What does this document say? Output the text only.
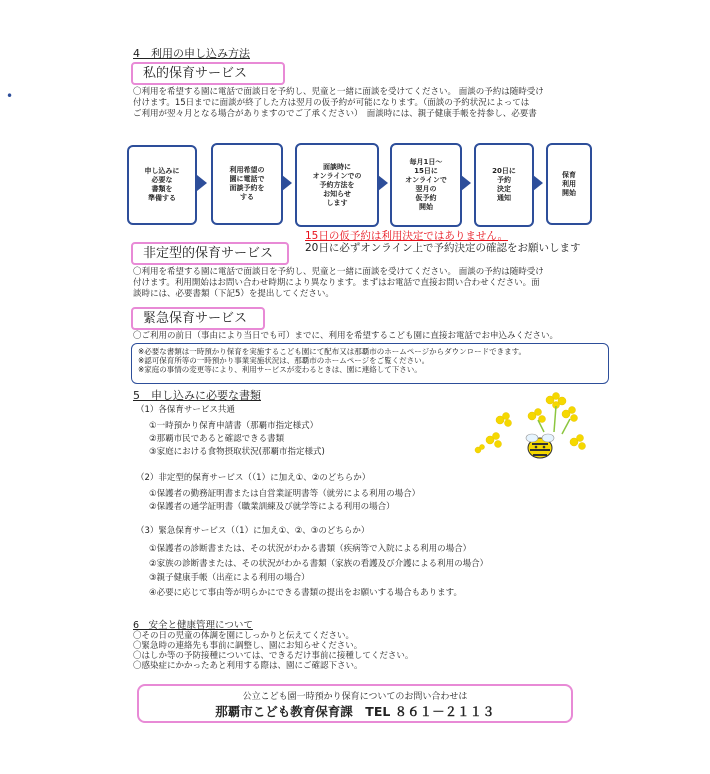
•
4　利用の申し込み方法
私的保育サービス
〇利用を希望する園に電話で面談日を予約し、児童と一緒に面談を受けてください。 面談の予約は随時受け
付けます。15日までに面談が終了した方は翌月の仮予約が可能になります。（面談の予約状況によっては
ご利用が翌々月となる場合がありますのでご了承ください）　面談時には、親子健康手帳を持参し、必要書
申し込みに
必要な
書類を
準備する
利用希望の
園に電話で
面談予約を
する
面談時に
オンラインでの
予約方法を
お知らせ
します
毎月1日～
15日に
オンラインで
翌月の
仮予約
開始
20日に
予約
決定
通知
保育
利用
開始
15日の仮予約は利用決定ではありません。
20日に必ずオンライン上で予約決定の確認をお願いします
非定型的保育サービス
〇利用を希望する園に電話で面談日を予約し、児童と一緒に面談を受けてください。 面談の予約は随時受け
付けます。利用開始はお問い合わせ時期により異なります。まずはお電話で直接お問い合わせください。面
談時には、必要書類（下記5）を提出してください。
緊急保育サービス
〇ご利用の前日（事由により当日でも可）までに、利用を希望するこども園に直接お電話でお申込みください。
※必要な書類は一時預かり保育を実施するこども園にて配布又は那覇市のホームページからダウンロードできます。
※認可保育所等の一時預かり事業実施状況は、那覇市のホームページをご覧ください。
※家庭の事情の変更等により、利用サービスが変わるときは、園に連絡して下さい。
5　申し込みに必要な書類
（1）各保育サービス共通
①一時預かり保育申請書（那覇市指定様式）
②那覇市民であると確認できる書類
③家庭における食物摂取状況(那覇市指定様式)
（2）非定型的保育サービス（（1）に加え①、②のどちらか）
①保護者の勤務証明書または自営業証明書等（就労による利用の場合）
②保護者の通学証明書（職業訓練及び就学等による利用の場合）
（3）緊急保育サービス（（1）に加え①、②、③のどちらか）
①保護者の診断書または、その状況がわかる書類（疾病等で入院による利用の場合）
②家族の診断書または、その状況がわかる書類（家族の看護及び介護による利用の場合）
③親子健康手帳（出産による利用の場合）
④必要に応じて事由等が明らかにできる書類の提出をお願いする場合もあります。
6　安全と健康管理について
〇その日の児童の体調を園にしっかりと伝えてください。
〇緊急時の連絡先も事前に調整し、園にお知らせください。
〇はしか等の予防接種については、できるだけ事前に接種してください。
〇感染症にかかったあと利用する際は、園にご確認下さい。
公立こども園一時預かり保育についてのお問い合わせは
那覇市こども教育保育課　TEL ８６１－２１１３
